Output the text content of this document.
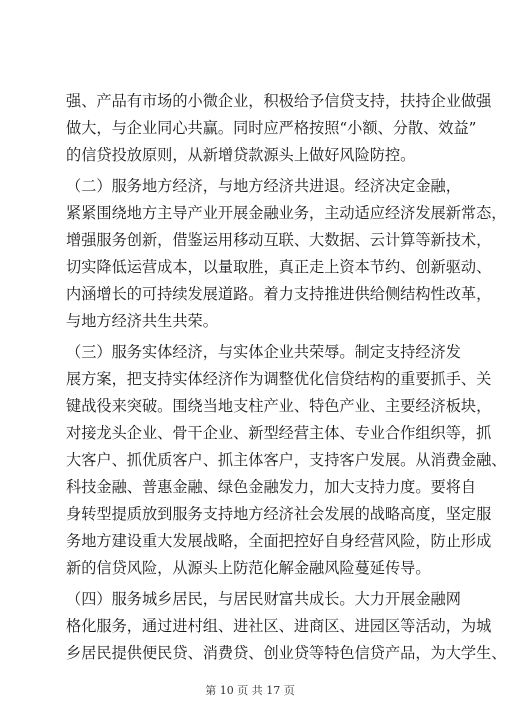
强、产品有市场的小微企业，积极给予信贷支持，扶持企业做强
做大，与企业同心共赢。同时应严格按照“小额、分散、效益”
的信贷投放原则，从新增贷款源头上做好风险防控。
（二）服务地方经济，与地方经济共进退。经济决定金融，
紧紧围绕地方主导产业开展金融业务，主动适应经济发展新常态，
增强服务创新，借鉴运用移动互联、大数据、云计算等新技术，
切实降低运营成本，以量取胜，真正走上资本节约、创新驱动、
内涵增长的可持续发展道路。着力支持推进供给侧结构性改革，
与地方经济共生共荣。
（三）服务实体经济，与实体企业共荣辱。制定支持经济发
展方案，把支持实体经济作为调整优化信贷结构的重要抓手、关
键战役来突破。围绕当地支柱产业、特色产业、主要经济板块，
对接龙头企业、骨干企业、新型经营主体、专业合作组织等，抓
大客户、抓优质客户、抓主体客户，支持客户发展。从消费金融、
科技金融、普惠金融、绿色金融发力，加大支持力度。要将自
身转型提质放到服务支持地方经济社会发展的战略高度，坚定服
务地方建设重大发展战略，全面把控好自身经营风险，防止形成
新的信贷风险，从源头上防范化解金融风险蔓延传导。
（四）服务城乡居民，与居民财富共成长。大力开展金融网
格化服务，通过进村组、进社区、进商区、进园区等活动，为城
乡居民提供便民贷、消费贷、创业贷等特色信贷产品，为大学生、
第 10 页 共 17 页
